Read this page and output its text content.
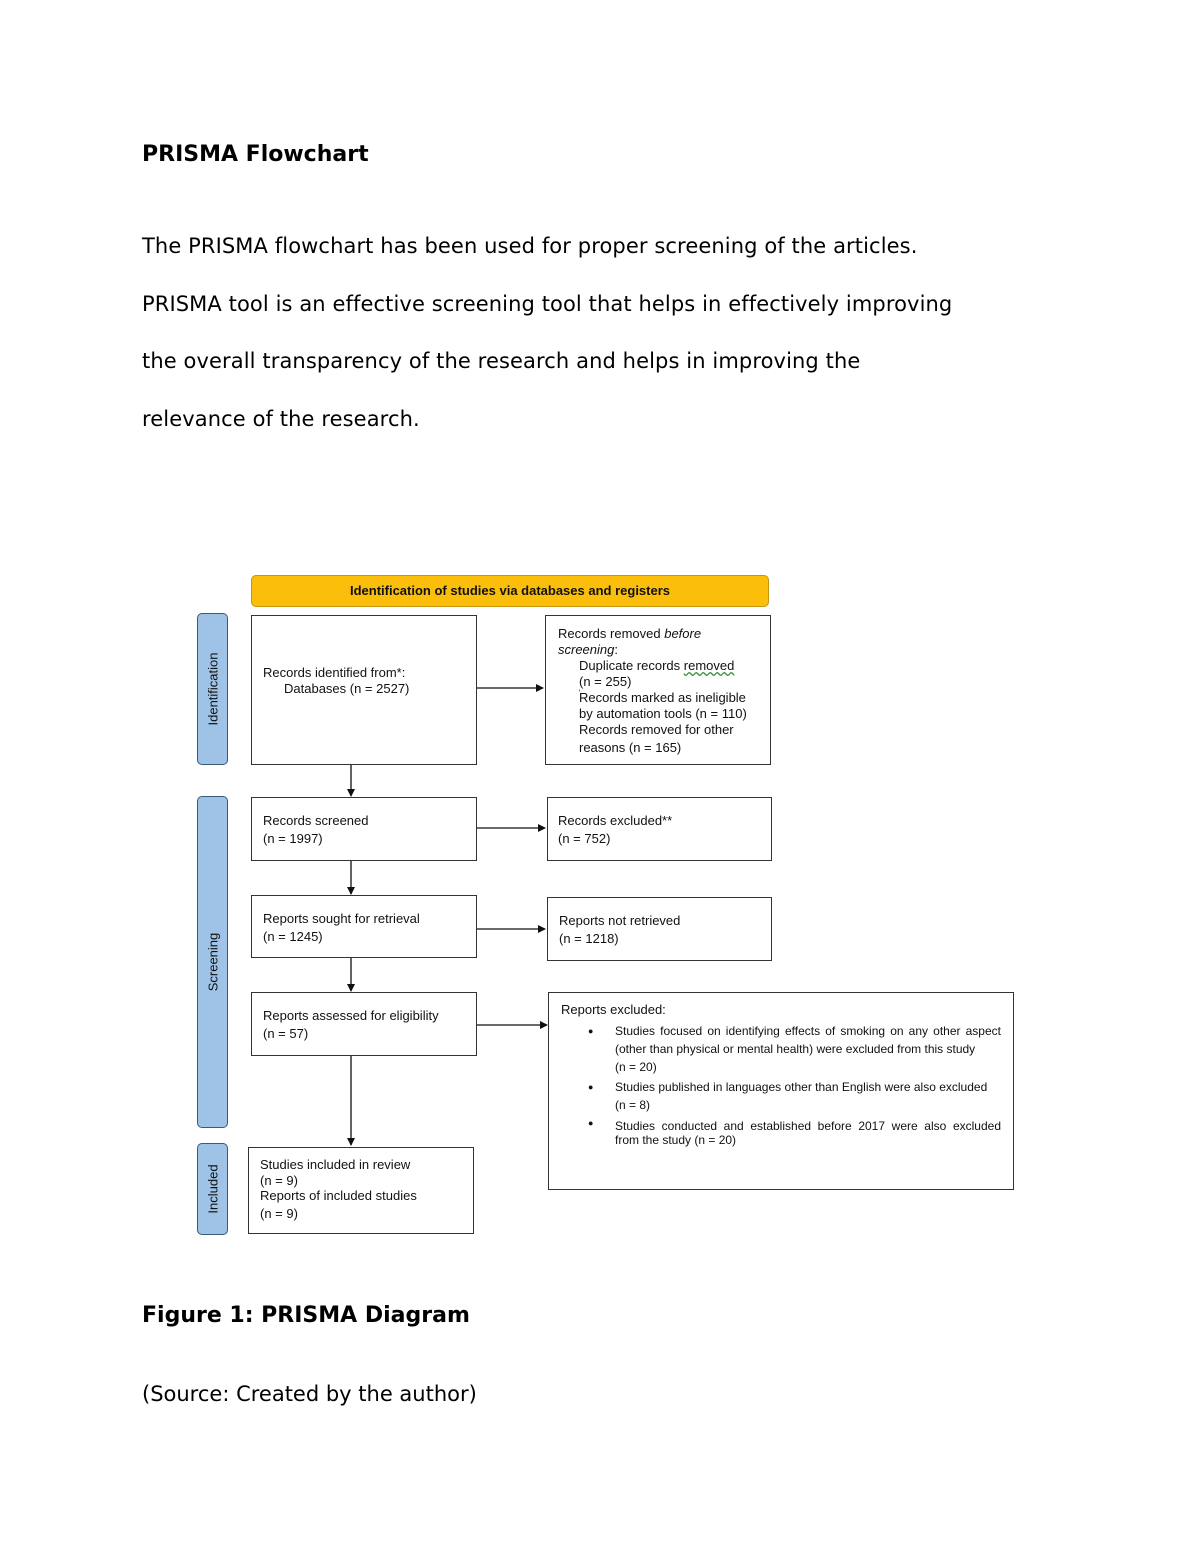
PRISMA Flowchart
The PRISMA flowchart has been used for proper screening of the articles.
PRISMA tool is an effective screening tool that helps in effectively improving
the overall transparency of the research and helps in improving the
relevance of the research.
Identification of studies via databases and registers
Identification
Screening
Included
Records identified from*:
Databases (n = 2527)
Records removed before
screening:
Duplicate records removed
(n = 255)
Records marked as ineligible
by automation tools (n = 110)
Records removed for other
reasons (n = 165)
Records screened
(n = 1997)
Records excluded**
(n = 752)
Reports sought for retrieval
(n = 1245)
Reports not retrieved
(n = 1218)
Reports assessed for eligibility
(n = 57)
Reports excluded:
● Studies focused on identifying effects of smoking on any other aspect (other than physical or mental health) were excluded from this study
(n = 20)
● Studies published in languages other than English were also excluded
(n = 8)
● Studies conducted and established before 2017 were also excluded from the study (n = 20)
Studies included in review
(n = 9)
Reports of included studies
(n = 9)
Figure 1: PRISMA Diagram
(Source: Created by the author)
